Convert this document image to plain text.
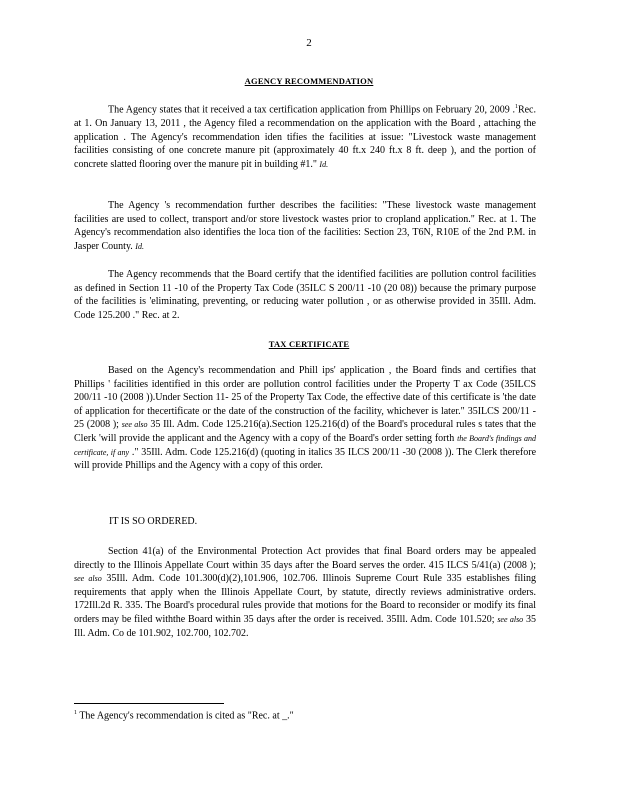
2
AGENCY RECOMMENDATION

The Agency states that it received a tax certification application from Phillips on February 20, 2009 .$^1$Rec. at 1. On January 13, 2011 , the Agency filed a recommendation on the application with the Board , attaching the application . The Agency's recommendation iden tifies the facilities at issue: "Livestock waste management facilities consisting of one concrete manure pit (approximately 40 ft.x 240 ft.x 8 ft. deep ), and the portion of concrete slatted flooring over the manure pit in building #1." Id.

The Agency 's recommendation further describes the facilities: "These livestock waste management facilities are used to collect, transport and/or store livestock wastes prior to cropland application." Rec. at 1. The Agency's recommendation also identifies the loca tion of the facilities: Section 23, T6N, R10E of the 2nd P.M. in Jasper County. Id.

The Agency recommends that the Board certify that the identified facilities are pollution control facilities as defined in Section 11 -10 of the Property Tax Code (35ILC S 200/11 -10 (20 08)) because the primary purpose of the facilities is 'eliminating, preventing, or reducing water pollution , or as otherwise provided in 35Ill. Adm. Code 125.200 ." Rec. at 2.

TAX CERTIFICATE

Based on the Agency's recommendation and Phill ips' application , the Board finds and certifies that Phillips ' facilities identified in this order are pollution control facilities under the Property T ax Code (35ILCS 200/11 -10 (2008 )).Under Section 11- 25 of the Property Tax Code, the effective date of this certificate is 'the date of application for thecertificate or the date of the construction of the facility, whichever is later." 35ILCS 200/11 - 25 (2008 ); see also 35 Ill. Adm. Code 125.216(a).Section 125.216(d) of the Board's procedural rules s tates that the Clerk 'will provide the applicant and the Agency with a copy of the Board's order setting forth the Board's findings and certificate, if any ." 35Ill. Adm. Code 125.216(d) (quoting in italics 35 ILCS 200/11 -30 (2008 )). The Clerk therefore will provide Phillips and the Agency with a copy of this order.

IT IS SO ORDERED.

Section 41(a) of the Environmental Protection Act provides that final Board orders may be appealed directly to the Illinois Appellate Court within 35 days after the Board serves the order. 415 ILCS 5/41(a) (2008 ); see also 35Ill. Adm. Code 101.300(d)(2),101.906, 102.706. Illinois Supreme Court Rule 335 establishes filing requirements that apply when the Illinois Appellate Court, by statute, directly reviews administrative orders. 172Ill.2d R. 335. The Board's procedural rules provide that motions for the Board to reconsider or modify its final orders may be filed withthe Board within 35 days after the order is received. 35Ill. Adm. Code 101.520; see also 35 Ill. Adm. Co de 101.902, 102.700, 102.702.

$^1$ The Agency's recommendation is cited as "Rec. at _."
